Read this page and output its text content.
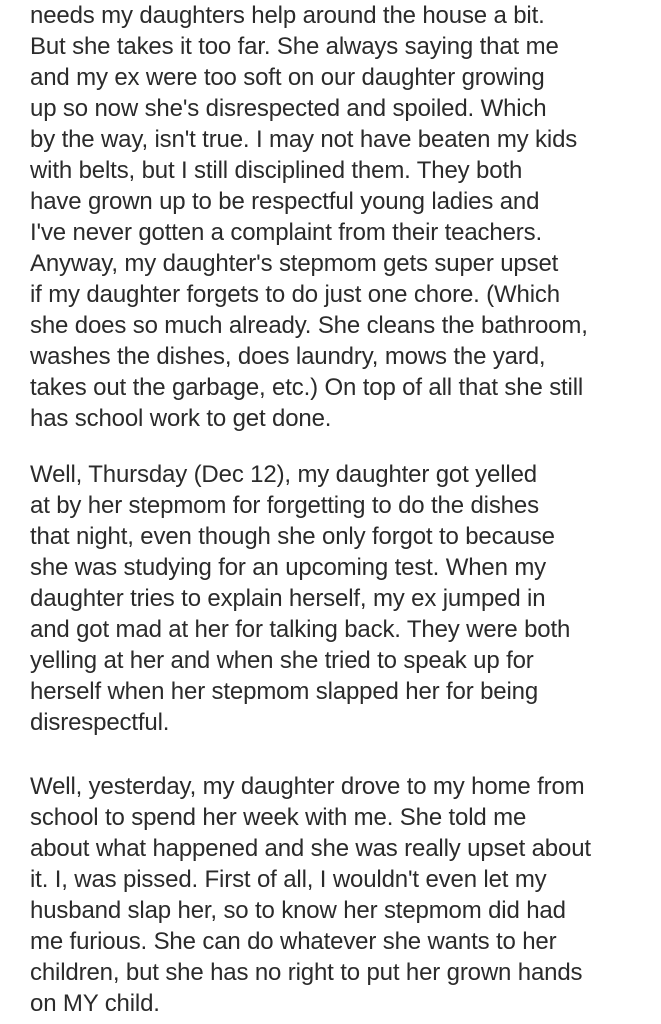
needs my daughters help around the house a bit.
But she takes it too far. She always saying that me
and my ex were too soft on our daughter growing
up so now she's disrespected and spoiled. Which
by the way, isn't true. I may not have beaten my kids
with belts, but I still disciplined them. They both
have grown up to be respectful young ladies and
I've never gotten a complaint from their teachers.
Anyway, my daughter's stepmom gets super upset
if my daughter forgets to do just one chore. (Which
she does so much already. She cleans the bathroom,
washes the dishes, does laundry, mows the yard,
takes out the garbage, etc.) On top of all that she still
has school work to get done.
Well, Thursday (Dec 12), my daughter got yelled
at by her stepmom for forgetting to do the dishes
that night, even though she only forgot to because
she was studying for an upcoming test. When my
daughter tries to explain herself, my ex jumped in
and got mad at her for talking back. They were both
yelling at her and when she tried to speak up for
herself when her stepmom slapped her for being
disrespectful.
Well, yesterday, my daughter drove to my home from
school to spend her week with me. She told me
about what happened and she was really upset about
it. I, was pissed. First of all, I wouldn't even let my
husband slap her, so to know her stepmom did had
me furious. She can do whatever she wants to her
children, but she has no right to put her grown hands
on MY child.
